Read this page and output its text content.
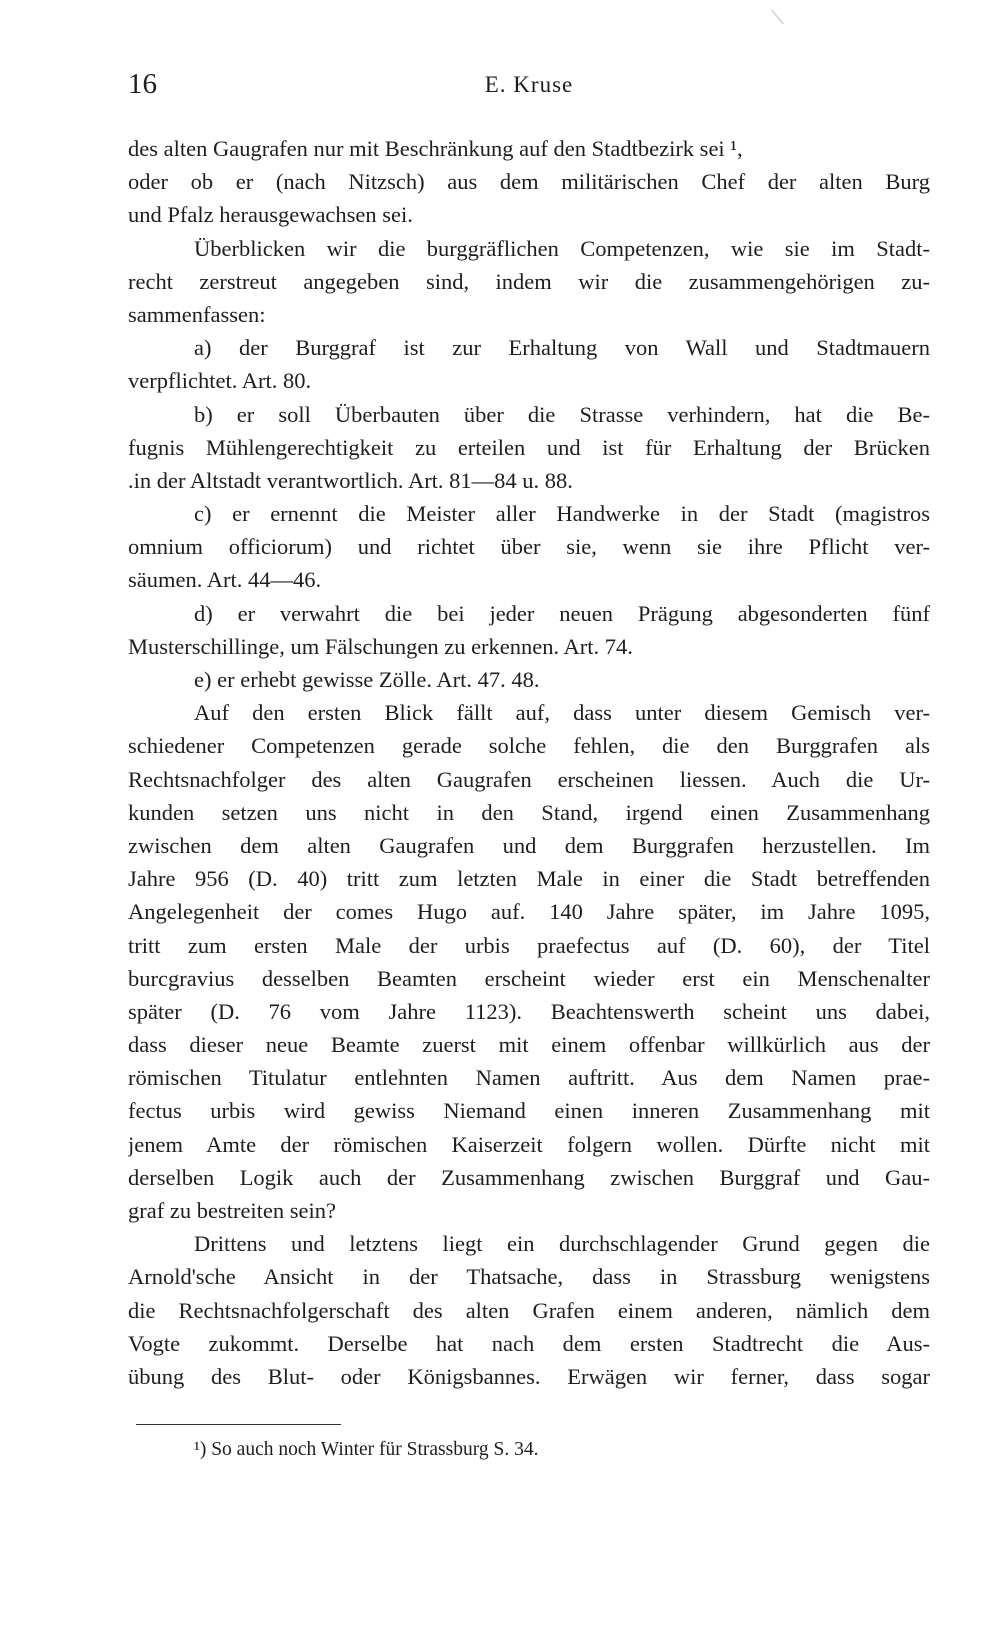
16	E. Kruse
des alten Gaugrafen nur mit Beschränkung auf den Stadtbezirk sei ¹,
oder ob er (nach Nitzsch) aus dem militärischen Chef der alten Burg
und Pfalz herausgewachsen sei.
Überblicken wir die burggräflichen Competenzen, wie sie im Stadt-
recht zerstreut angegeben sind, indem wir die zusammengehörigen zu-
sammenfassen:
a) der Burggraf ist zur Erhaltung von Wall und Stadtmauern
verpflichtet. Art. 80.
b) er soll Überbauten über die Strasse verhindern, hat die Be-
fugnis Mühlengerechtigkeit zu erteilen und ist für Erhaltung der Brücken
.in der Altstadt verantwortlich. Art. 81—84 u. 88.
c) er ernennt die Meister aller Handwerke in der Stadt (magistros
omnium officiorum) und richtet über sie, wenn sie ihre Pflicht ver-
säumen. Art. 44—46.
d) er verwahrt die bei jeder neuen Prägung abgesonderten fünf
Musterschillinge, um Fälschungen zu erkennen. Art. 74.
e) er erhebt gewisse Zölle. Art. 47. 48.
Auf den ersten Blick fällt auf, dass unter diesem Gemisch ver-
schiedener Competenzen gerade solche fehlen, die den Burggrafen als
Rechtsnachfolger des alten Gaugrafen erscheinen liessen. Auch die Ur-
kunden setzen uns nicht in den Stand, irgend einen Zusammenhang
zwischen dem alten Gaugrafen und dem Burggrafen herzustellen. Im
Jahre 956 (D. 40) tritt zum letzten Male in einer die Stadt betreffenden
Angelegenheit der comes Hugo auf. 140 Jahre später, im Jahre 1095,
tritt zum ersten Male der urbis praefectus auf (D. 60), der Titel
burcgravius desselben Beamten erscheint wieder erst ein Menschenalter
später (D. 76 vom Jahre 1123). Beachtenswerth scheint uns dabei,
dass dieser neue Beamte zuerst mit einem offenbar willkürlich aus der
römischen Titulatur entlehnten Namen auftritt. Aus dem Namen prae-
fectus urbis wird gewiss Niemand einen inneren Zusammenhang mit
jenem Amte der römischen Kaiserzeit folgern wollen. Dürfte nicht mit
derselben Logik auch der Zusammenhang zwischen Burggraf und Gau-
graf zu bestreiten sein?
Drittens und letztens liegt ein durchschlagender Grund gegen die
Arnold'sche Ansicht in der Thatsache, dass in Strassburg wenigstens
die Rechtsnachfolgerschaft des alten Grafen einem anderen, nämlich dem
Vogte zukommt. Derselbe hat nach dem ersten Stadtrecht die Aus-
übung des Blut- oder Königsbannes. Erwägen wir ferner, dass sogar
¹) So auch noch Winter für Strassburg S. 34.
